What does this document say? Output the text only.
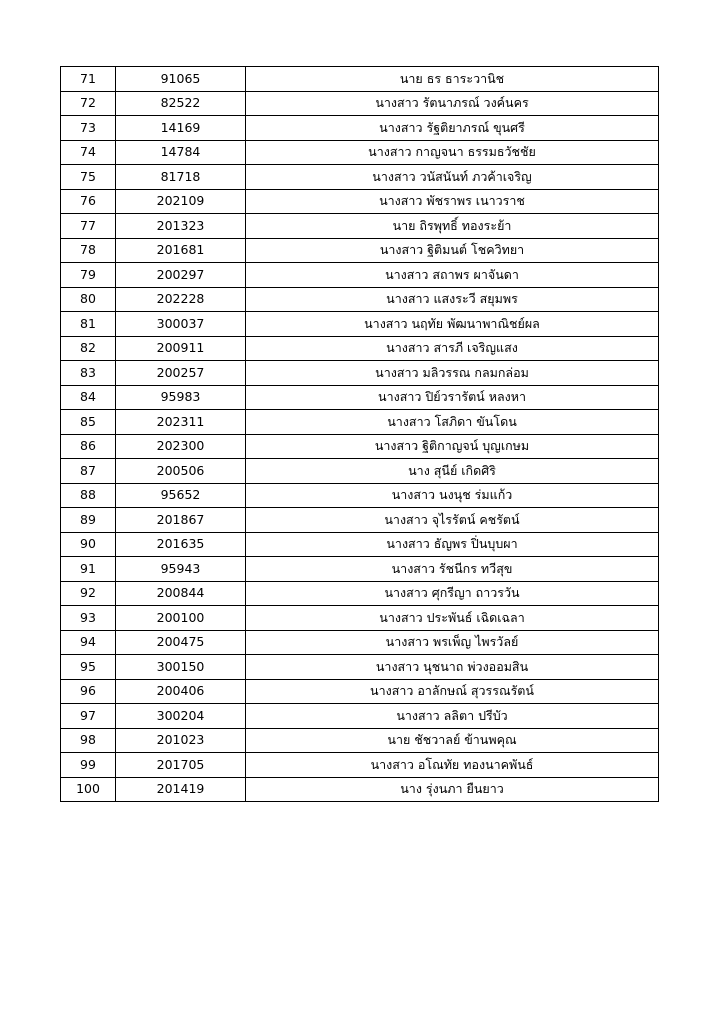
71	91065	นาย ธร ธาระวานิช
72	82522	นางสาว รัตนาภรณ์ วงค์นคร
73	14169	นางสาว รัฐติยาภรณ์ ขุนศรี
74	14784	นางสาว กาญจนา ธรรมธวัชชัย
75	81718	นางสาว วนัสนันท์ ภวค้าเจริญ
76	202109	นางสาว พัชราพร เนาวราช
77	201323	นาย ถิรพุทธิ์ ทองระย้า
78	201681	นางสาว ฐิติมนต์ โชควิทยา
79	200297	นางสาว สถาพร ผาจันดา
80	202228	นางสาว แสงระวี สยุมพร
81	300037	นางสาว นฤทัย พัฒนาพาณิชย์ผล
82	200911	นางสาว สารภี เจริญแสง
83	200257	นางสาว มลิวรรณ กลมกล่อม
84	95983	นางสาว ปิย์วรารัตน์ หลงหา
85	202311	นางสาว โสภิดา ขันโดน
86	202300	นางสาว ฐิติกาญจน์ บุญเกษม
87	200506	นาง สุนีย์ เกิดศิริ
88	95652	นางสาว นงนุช ร่มแก้ว
89	201867	นางสาว จุไรรัตน์ คชรัตน์
90	201635	นางสาว ธัญพร ปิ่นบุบผา
91	95943	นางสาว รัชนีกร ทวีสุข
92	200844	นางสาว ศุกรีญา ถาวรวัน
93	200100	นางสาว ประพันธ์ เฉิดเฉลา
94	200475	นางสาว พรเพ็ญ ไพรวัลย์
95	300150	นางสาว นุชนาถ พ่วงออมสิน
96	200406	นางสาว อาลักษณ์ สุวรรณรัตน์
97	300204	นางสาว ลลิตา ปรีบัว
98	201023	นาย ชัชวาลย์ ข้านพคุณ
99	201705	นางสาว อโณทัย ทองนาคพันธ์
100	201419	นาง รุ่งนภา ยืนยาว
